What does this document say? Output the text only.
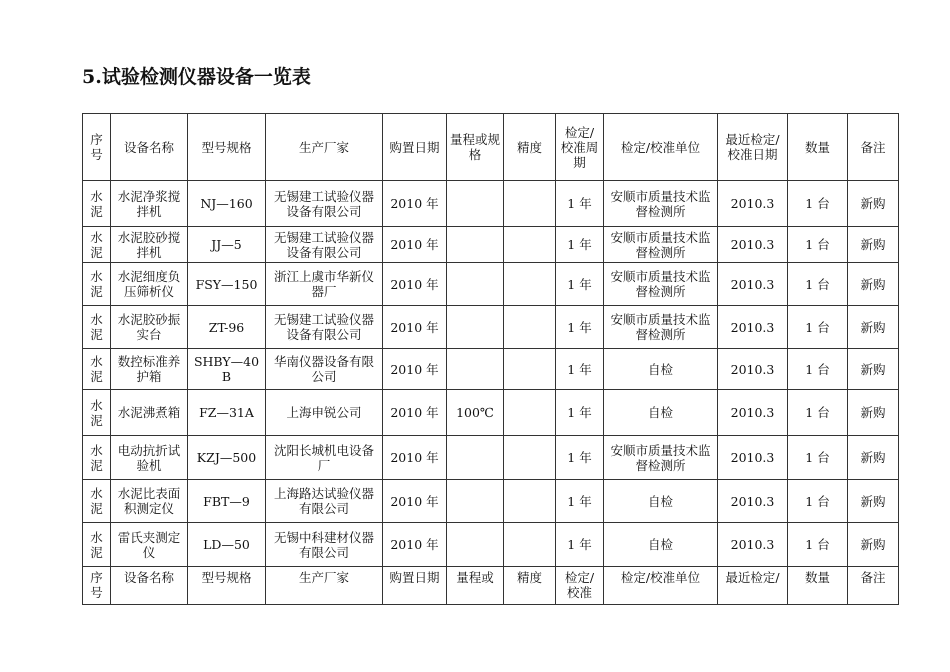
5.试验检测仪器设备一览表
序号	设备名称	型号规格	生产厂家	购置日期	量程或规格	精度	检定/校准周期	检定/校准单位	最近检定/校准日期	数量	备注
水泥	水泥净浆搅拌机	NJ—160	无锡建工试验仪器设备有限公司	2010 年			1 年	安顺市质量技术监督检测所	2010.3	1 台	新购
水泥	水泥胶砂搅拌机	JJ—5	无锡建工试验仪器设备有限公司	2010 年			1 年	安顺市质量技术监督检测所	2010.3	1 台	新购
水泥	水泥细度负压筛析仪	FSY—150	浙江上虞市华新仪器厂	2010 年			1 年	安顺市质量技术监督检测所	2010.3	1 台	新购
水泥	水泥胶砂振实台	ZT-96	无锡建工试验仪器设备有限公司	2010 年			1 年	安顺市质量技术监督检测所	2010.3	1 台	新购
水泥	数控标准养护箱	SHBY—40B	华南仪器设备有限公司	2010 年			1 年	自检	2010.3	1 台	新购
水泥	水泥沸煮箱	FZ—31A	上海申锐公司	2010 年	100℃		1 年	自检	2010.3	1 台	新购
水泥	电动抗折试验机	KZJ—500	沈阳长城机电设备厂	2010 年			1 年	安顺市质量技术监督检测所	2010.3	1 台	新购
水泥	水泥比表面积测定仪	FBT—9	上海路达试验仪器有限公司	2010 年			1 年	自检	2010.3	1 台	新购
水泥	雷氏夹测定仪	LD—50	无锡中科建材仪器有限公司	2010 年			1 年	自检	2010.3	1 台	新购
序号	设备名称	型号规格	生产厂家	购置日期	量程或	精度	检定/校准	检定/校准单位	最近检定/	数量	备注
